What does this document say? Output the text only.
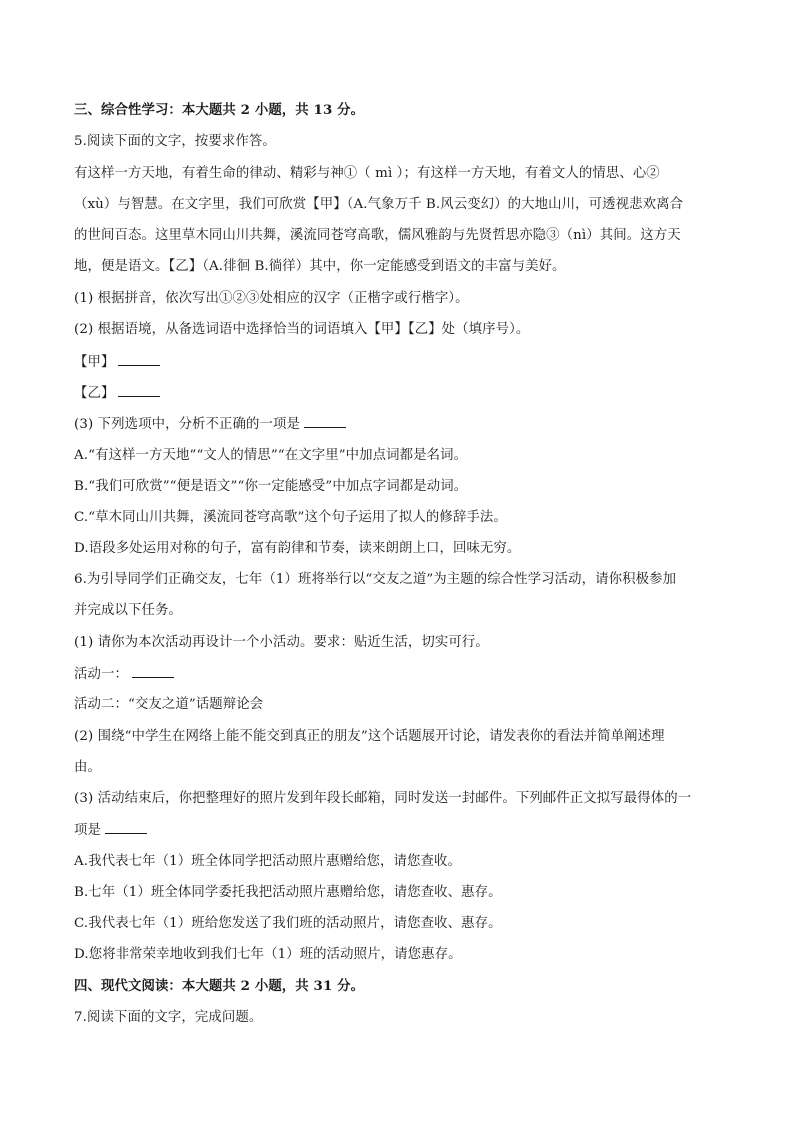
三、综合性学习：本大题共 2 小题，共 13 分。
5.阅读下面的文字，按要求作答。
有这样一方天地，有着生命的律动、精彩与神①（ mì ）；有这样一方天地，有着文人的情思、心②
（xù）与智慧。在文字里，我们可欣赏【甲】（A.气象万千 B.风云变幻）的大地山川，可透视悲欢离合
的世间百态。这里草木同山川共舞，溪流同苍穹高歌，儒风雅韵与先贤哲思亦隐③（nì）其间。这方天
地，便是语文。【乙】（A.徘徊 B.徜徉）其中，你一定能感受到语文的丰富与美好。
(1) 根据拼音，依次写出①②③处相应的汉字（正楷字或行楷字）。
(2) 根据语境，从备选词语中选择恰当的词语填入【甲】【乙】处（填序号）。
【甲】
【乙】
(3) 下列选项中，分析不正确的一项是
A.“有这样一方天地”“文人的情思”“在文字里”中加点词都是名词。
B.“我们可欣赏”“便是语文”“你一定能感受”中加点字词都是动词。
C.“草木同山川共舞，溪流同苍穹高歌”这个句子运用了拟人的修辞手法。
D.语段多处运用对称的句子，富有韵律和节奏，读来朗朗上口，回味无穷。
6.为引导同学们正确交友，七年（1）班将举行以“交友之道”为主题的综合性学习活动，请你积极参加
并完成以下任务。
(1) 请你为本次活动再设计一个小活动。要求：贴近生活，切实可行。
活动一：
活动二：“交友之道”话题辩论会
(2) 围绕“中学生在网络上能不能交到真正的朋友”这个话题展开讨论，请发表你的看法并简单阐述理
由。
(3) 活动结束后，你把整理好的照片发到年段长邮箱，同时发送一封邮件。下列邮件正文拟写最得体的一
项是
A.我代表七年（1）班全体同学把活动照片惠赠给您，请您查收。
B.七年（1）班全体同学委托我把活动照片惠赠给您，请您查收、惠存。
C.我代表七年（1）班给您发送了我们班的活动照片，请您查收、惠存。
D.您将非常荣幸地收到我们七年（1）班的活动照片，请您惠存。
四、现代文阅读：本大题共 2 小题，共 31 分。
7.阅读下面的文字，完成问题。
